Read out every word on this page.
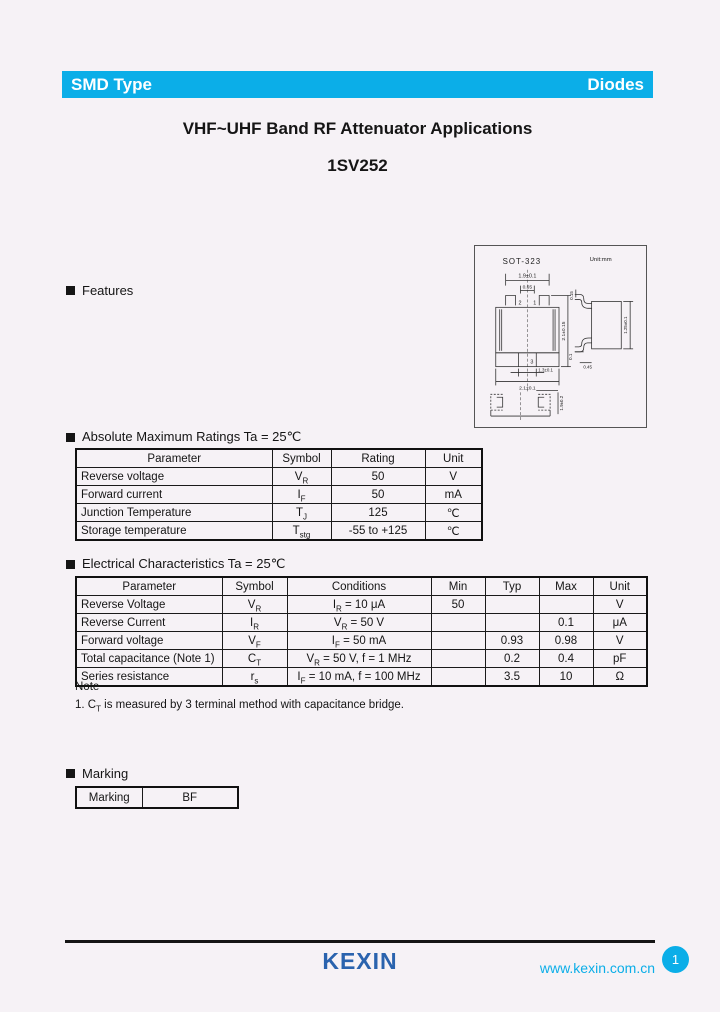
SMD Type	Diodes
VHF~UHF Band RF Attenuator Applications
1SV252
SOT-323	Unit:mm
1.9±0.1
0.65
2 1
3
2.1±0.15
1.3±0.1
2.1±0.1
0.15
1.25±0.1
0.45
0.1
1.9±0.2
Features
Absolute Maximum Ratings Ta = 25℃
Parameter	Symbol	Rating	Unit
Reverse voltage	$V_R$	50	V
Forward current	$I_F$	50	mA
Junction Temperature	$T_J$	125	℃
Storage temperature	$T_{stg}$	-55 to +125	℃
Electrical Characteristics Ta = 25℃
Parameter	Symbol	Conditions	Min	Typ	Max	Unit
Reverse Voltage	$V_R$	$I_R = 10$ μA	50			V
Reverse Current	$I_R$	$V_R = 50$ V			0.1	μA
Forward voltage	$V_F$	$I_F = 50$ mA		0.93	0.98	V
Total capacitance (Note 1)	$C_T$	$V_R = 50$ V, f = 1 MHz		0.2	0.4	pF
Series resistance	$r_s$	$I_F = 10$ mA, f = 100 MHz		3.5	10	Ω
Note
1. $C_T$ is measured by 3 terminal method with capacitance bridge.
Marking
Marking	BF
KEXIN	www.kexin.com.cn
1
